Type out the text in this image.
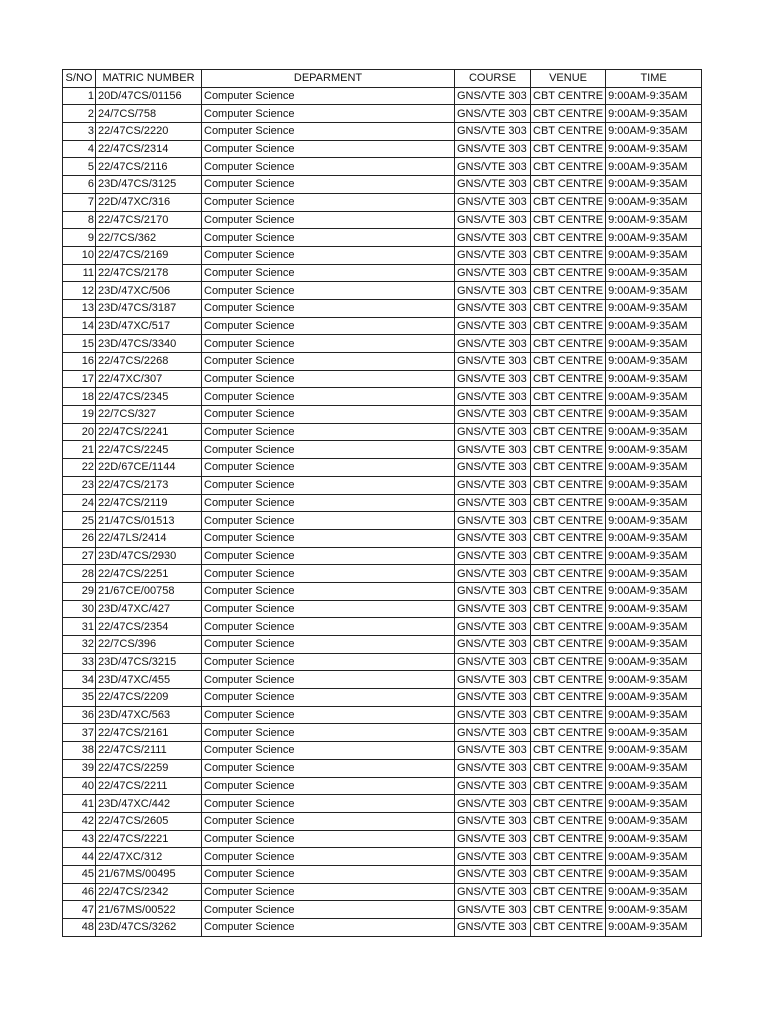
S/NO	MATRIC NUMBER	DEPARMENT	COURSE	VENUE	TIME
1	20D/47CS/01156	Computer Science	GNS/VTE 303	CBT CENTRE	9:00AM-9:35AM
2	24/7CS/758	Computer Science	GNS/VTE 303	CBT CENTRE	9:00AM-9:35AM
3	22/47CS/2220	Computer Science	GNS/VTE 303	CBT CENTRE	9:00AM-9:35AM
4	22/47CS/2314	Computer Science	GNS/VTE 303	CBT CENTRE	9:00AM-9:35AM
5	22/47CS/2116	Computer Science	GNS/VTE 303	CBT CENTRE	9:00AM-9:35AM
6	23D/47CS/3125	Computer Science	GNS/VTE 303	CBT CENTRE	9:00AM-9:35AM
7	22D/47XC/316	Computer Science	GNS/VTE 303	CBT CENTRE	9:00AM-9:35AM
8	22/47CS/2170	Computer Science	GNS/VTE 303	CBT CENTRE	9:00AM-9:35AM
9	22/7CS/362	Computer Science	GNS/VTE 303	CBT CENTRE	9:00AM-9:35AM
10	22/47CS/2169	Computer Science	GNS/VTE 303	CBT CENTRE	9:00AM-9:35AM
11	22/47CS/2178	Computer Science	GNS/VTE 303	CBT CENTRE	9:00AM-9:35AM
12	23D/47XC/506	Computer Science	GNS/VTE 303	CBT CENTRE	9:00AM-9:35AM
13	23D/47CS/3187	Computer Science	GNS/VTE 303	CBT CENTRE	9:00AM-9:35AM
14	23D/47XC/517	Computer Science	GNS/VTE 303	CBT CENTRE	9:00AM-9:35AM
15	23D/47CS/3340	Computer Science	GNS/VTE 303	CBT CENTRE	9:00AM-9:35AM
16	22/47CS/2268	Computer Science	GNS/VTE 303	CBT CENTRE	9:00AM-9:35AM
17	22/47XC/307	Computer Science	GNS/VTE 303	CBT CENTRE	9:00AM-9:35AM
18	22/47CS/2345	Computer Science	GNS/VTE 303	CBT CENTRE	9:00AM-9:35AM
19	22/7CS/327	Computer Science	GNS/VTE 303	CBT CENTRE	9:00AM-9:35AM
20	22/47CS/2241	Computer Science	GNS/VTE 303	CBT CENTRE	9:00AM-9:35AM
21	22/47CS/2245	Computer Science	GNS/VTE 303	CBT CENTRE	9:00AM-9:35AM
22	22D/67CE/1144	Computer Science	GNS/VTE 303	CBT CENTRE	9:00AM-9:35AM
23	22/47CS/2173	Computer Science	GNS/VTE 303	CBT CENTRE	9:00AM-9:35AM
24	22/47CS/2119	Computer Science	GNS/VTE 303	CBT CENTRE	9:00AM-9:35AM
25	21/47CS/01513	Computer Science	GNS/VTE 303	CBT CENTRE	9:00AM-9:35AM
26	22/47LS/2414	Computer Science	GNS/VTE 303	CBT CENTRE	9:00AM-9:35AM
27	23D/47CS/2930	Computer Science	GNS/VTE 303	CBT CENTRE	9:00AM-9:35AM
28	22/47CS/2251	Computer Science	GNS/VTE 303	CBT CENTRE	9:00AM-9:35AM
29	21/67CE/00758	Computer Science	GNS/VTE 303	CBT CENTRE	9:00AM-9:35AM
30	23D/47XC/427	Computer Science	GNS/VTE 303	CBT CENTRE	9:00AM-9:35AM
31	22/47CS/2354	Computer Science	GNS/VTE 303	CBT CENTRE	9:00AM-9:35AM
32	22/7CS/396	Computer Science	GNS/VTE 303	CBT CENTRE	9:00AM-9:35AM
33	23D/47CS/3215	Computer Science	GNS/VTE 303	CBT CENTRE	9:00AM-9:35AM
34	23D/47XC/455	Computer Science	GNS/VTE 303	CBT CENTRE	9:00AM-9:35AM
35	22/47CS/2209	Computer Science	GNS/VTE 303	CBT CENTRE	9:00AM-9:35AM
36	23D/47XC/563	Computer Science	GNS/VTE 303	CBT CENTRE	9:00AM-9:35AM
37	22/47CS/2161	Computer Science	GNS/VTE 303	CBT CENTRE	9:00AM-9:35AM
38	22/47CS/2111	Computer Science	GNS/VTE 303	CBT CENTRE	9:00AM-9:35AM
39	22/47CS/2259	Computer Science	GNS/VTE 303	CBT CENTRE	9:00AM-9:35AM
40	22/47CS/2211	Computer Science	GNS/VTE 303	CBT CENTRE	9:00AM-9:35AM
41	23D/47XC/442	Computer Science	GNS/VTE 303	CBT CENTRE	9:00AM-9:35AM
42	22/47CS/2605	Computer Science	GNS/VTE 303	CBT CENTRE	9:00AM-9:35AM
43	22/47CS/2221	Computer Science	GNS/VTE 303	CBT CENTRE	9:00AM-9:35AM
44	22/47XC/312	Computer Science	GNS/VTE 303	CBT CENTRE	9:00AM-9:35AM
45	21/67MS/00495	Computer Science	GNS/VTE 303	CBT CENTRE	9:00AM-9:35AM
46	22/47CS/2342	Computer Science	GNS/VTE 303	CBT CENTRE	9:00AM-9:35AM
47	21/67MS/00522	Computer Science	GNS/VTE 303	CBT CENTRE	9:00AM-9:35AM
48	23D/47CS/3262	Computer Science	GNS/VTE 303	CBT CENTRE	9:00AM-9:35AM
